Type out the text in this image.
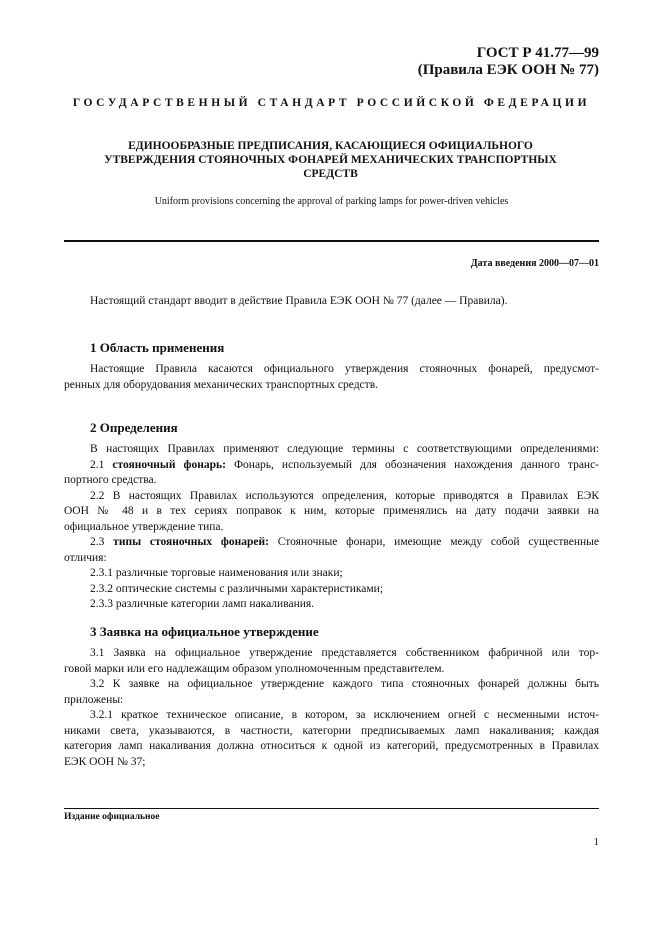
ГОСТ Р 41.77—99
(Правила ЕЭК ООН № 77)
ГОСУДАРСТВЕННЫЙ СТАНДАРТ РОССИЙСКОЙ ФЕДЕРАЦИИ
ЕДИНООБРАЗНЫЕ ПРЕДПИСАНИЯ, КАСАЮЩИЕСЯ ОФИЦИАЛЬНОГО
УТВЕРЖДЕНИЯ СТОЯНОЧНЫХ ФОНАРЕЙ МЕХАНИЧЕСКИХ ТРАНСПОРТНЫХ
СРЕДСТВ
Uniform provisions concerning the approval of parking lamps for power-driven vehicles
Дата введения 2000—07—01
Настоящий стандарт вводит в действие Правила ЕЭК ООН № 77 (далее — Правила).
1 Область применения
Настоящие Правила касаются официального утверждения стояночных фонарей, предусмот-
ренных для оборудования механических транспортных средств.
2 Определения
В настоящих Правилах применяют следующие термины с соответствующими определениями:
2.1 стояночный фонарь: Фонарь, используемый для обозначения нахождения данного транс-
портного средства.
2.2 В настоящих Правилах используются определения, которые приводятся в Правилах ЕЭК
ООН № 48 и в тех сериях поправок к ним, которые применялись на дату подачи заявки на
официальное утверждение типа.
2.3 типы стояночных фонарей: Стояночные фонари, имеющие между собой существенные
отличия:
2.3.1 различные торговые наименования или знаки;
2.3.2 оптические системы с различными характеристиками;
2.3.3 различные категории ламп накаливания.
3 Заявка на официальное утверждение
3.1 Заявка на официальное утверждение представляется собственником фабричной или тор-
говой марки или его надлежащим образом уполномоченным представителем.
3.2 К заявке на официальное утверждение каждого типа стояночных фонарей должны быть
приложены:
3.2.1 краткое техническое описание, в котором, за исключением огней с несменными источ-
никами света, указываются, в частности, категории предписываемых ламп накаливания; каждая
категория ламп накаливания должна относиться к одной из категорий, предусмотренных в Правилах
ЕЭК ООН № 37;
Издание официальное
1
